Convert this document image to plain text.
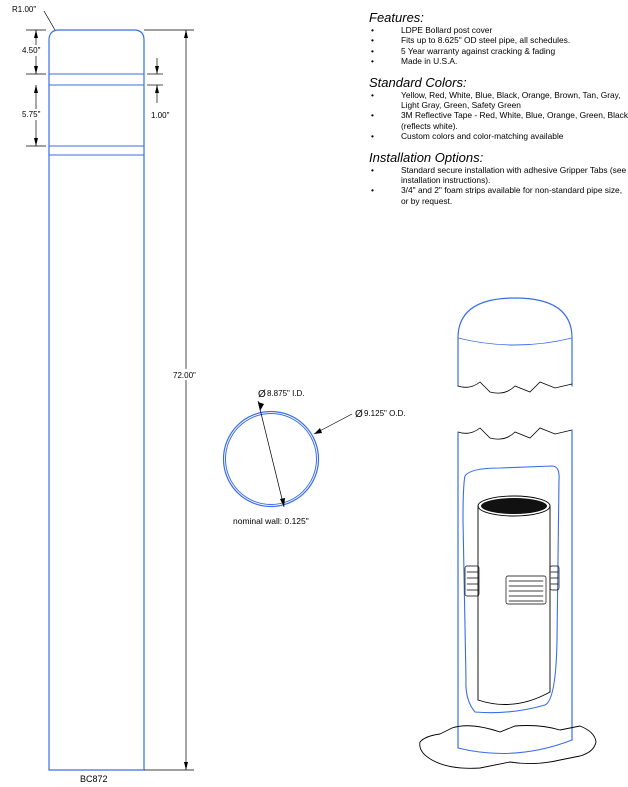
R1.00"
4.50"
5.75"	1.00"
72.00"
BC872
Ø 8.875" I.D.
Ø 9.125" O.D.
nominal wall: 0.125"

Features:

•	LDPE Bollard post cover
•	Fits up to 8.625" OD steel pipe, all schedules.
•	5 Year warranty against cracking & fading
•	Made in U.S.A.

Standard Colors:

•	Yellow, Red, White, Blue, Black, Orange, Brown, Tan, Gray, Light Gray, Green, Safety Green
•	3M Reflective Tape - Red, White, Blue, Orange, Green, Black (reflects white).
•	Custom colors and color-matching available

Installation Options:

•	Standard secure installation with adhesive Gripper Tabs (see installation instructions).
•	3/4" and 2" foam strips available for non-standard pipe size, or by request.
